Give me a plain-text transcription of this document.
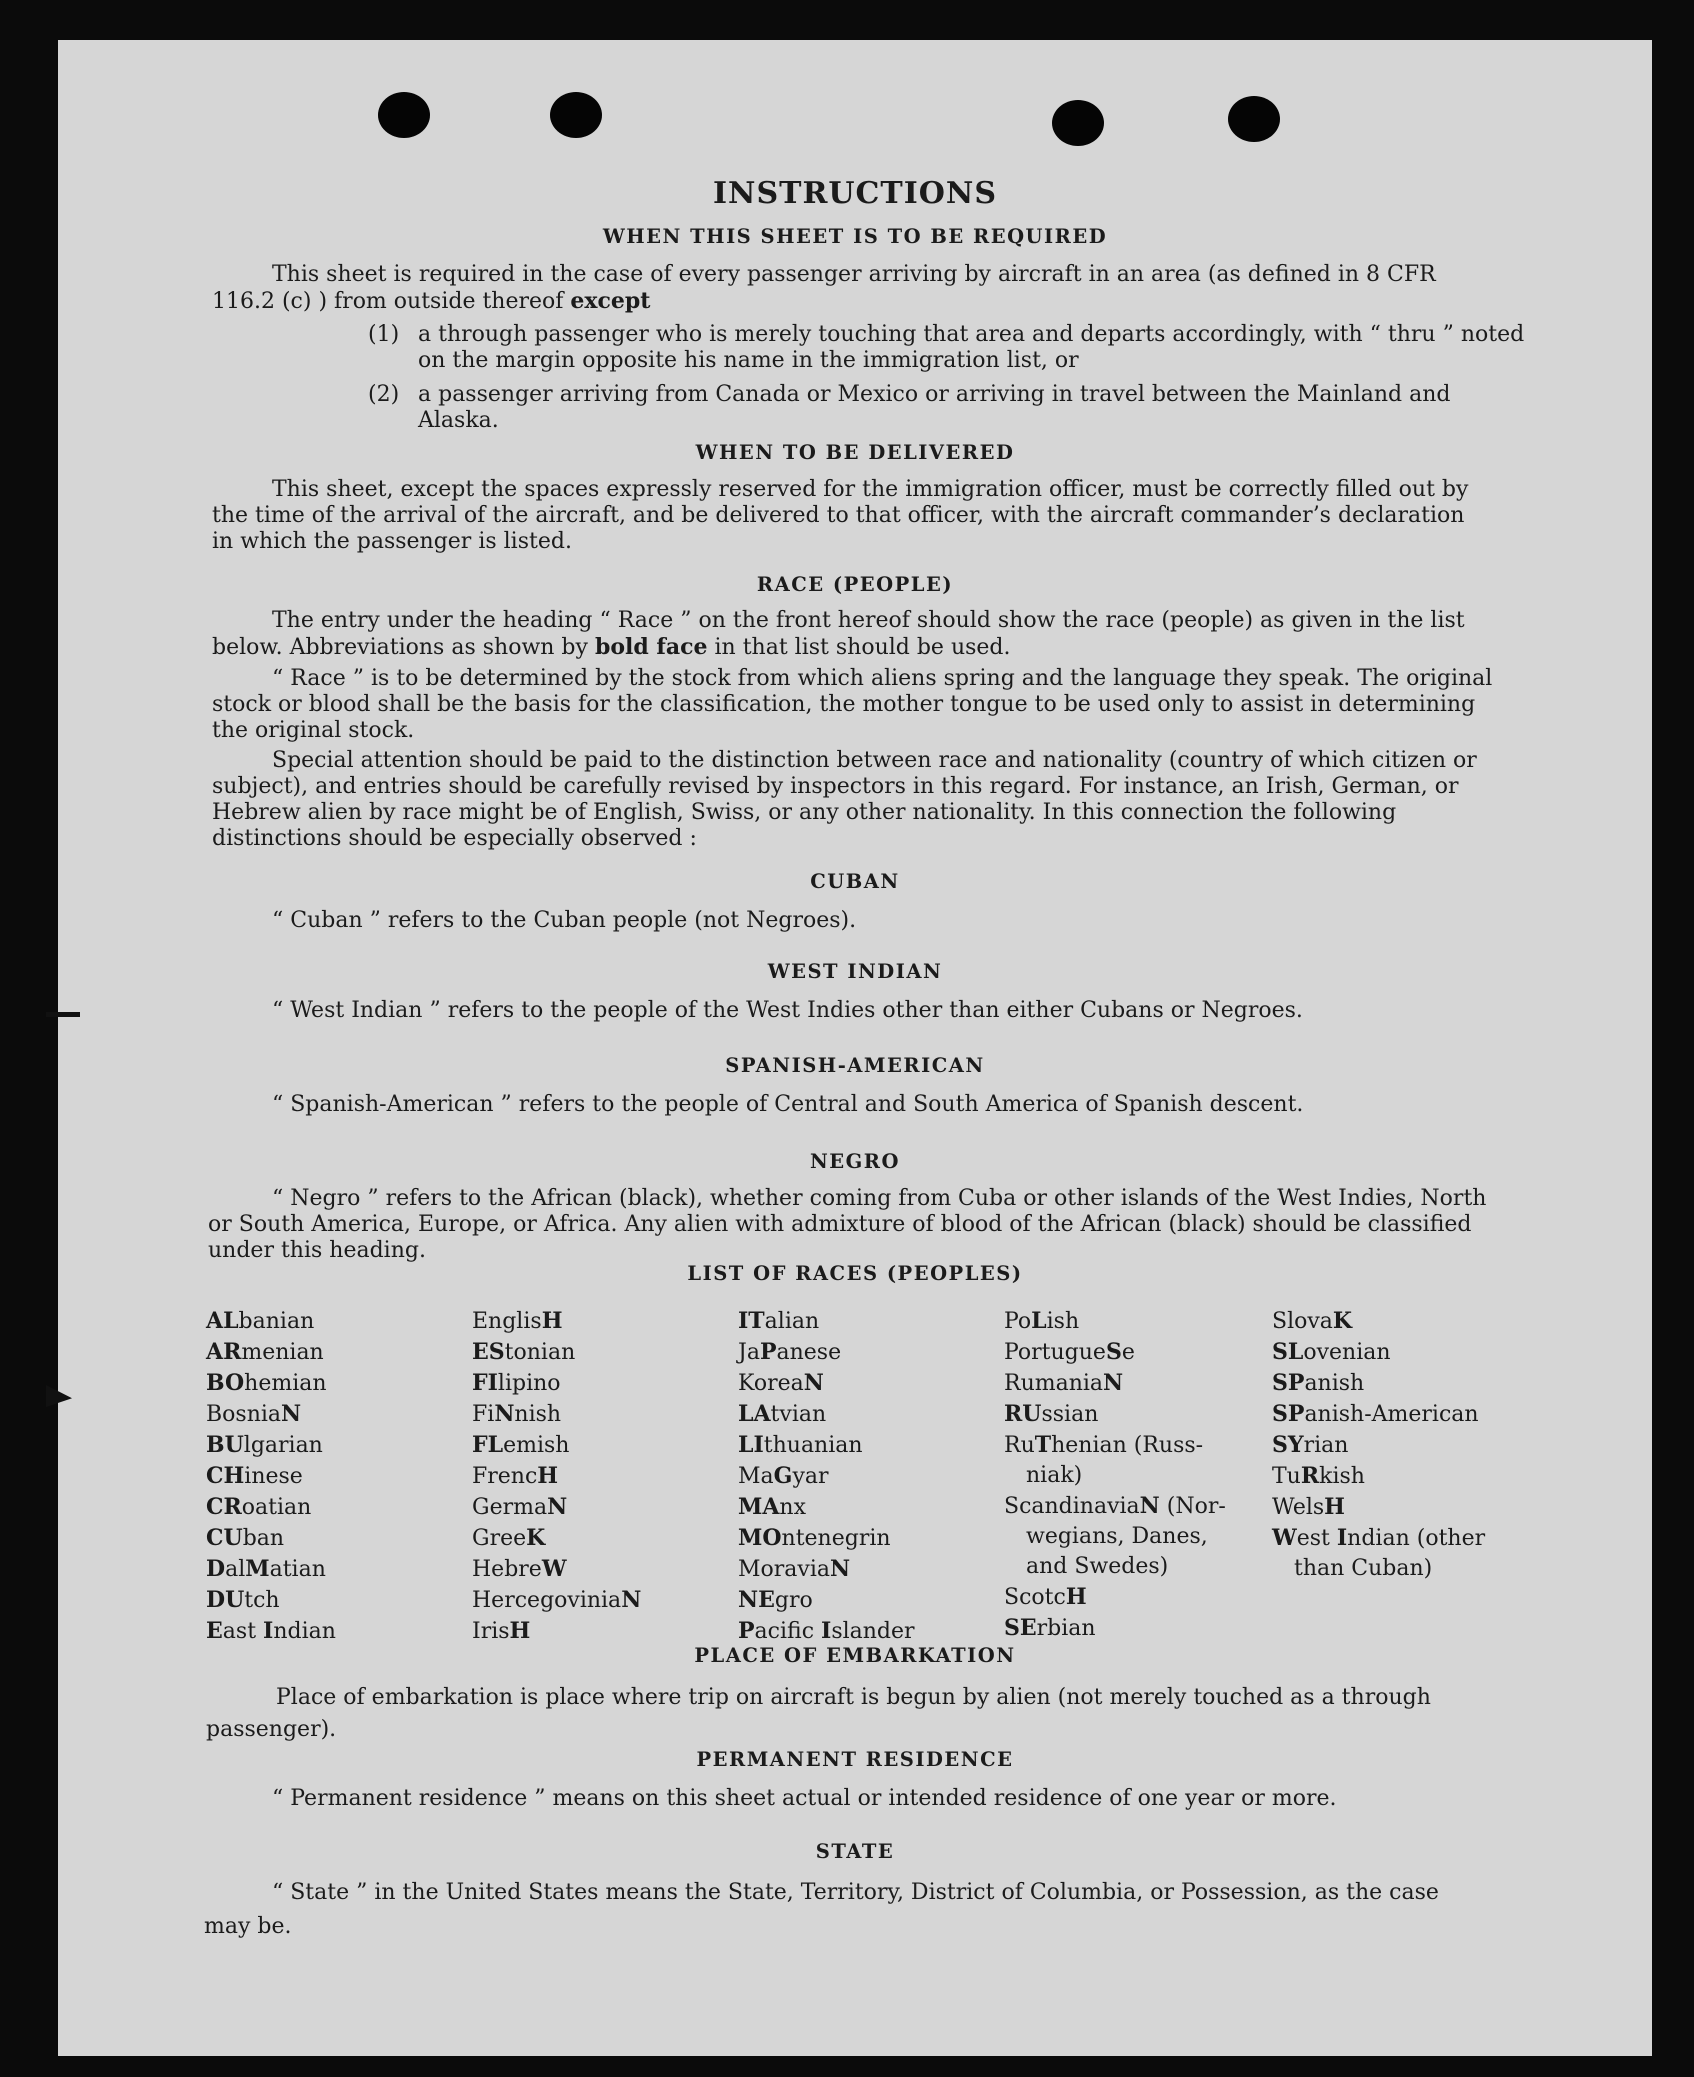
INSTRUCTIONS
WHEN THIS SHEET IS TO BE REQUIRED
This sheet is required in the case of every passenger arriving by aircraft in an area (as defined in 8 CFR
116.2 (c) ) from outside thereof except
(1) a through passenger who is merely touching that area and departs accordingly, with “ thru ” noted
on the margin opposite his name in the immigration list, or
(2) a passenger arriving from Canada or Mexico or arriving in travel between the Mainland and
Alaska.
WHEN TO BE DELIVERED
This sheet, except the spaces expressly reserved for the immigration officer, must be correctly filled out by
the time of the arrival of the aircraft, and be delivered to that officer, with the aircraft commander’s declaration
in which the passenger is listed.
RACE (PEOPLE)
The entry under the heading “ Race ” on the front hereof should show the race (people) as given in the list
below. Abbreviations as shown by bold face in that list should be used.
“ Race ” is to be determined by the stock from which aliens spring and the language they speak. The original
stock or blood shall be the basis for the classification, the mother tongue to be used only to assist in determining
the original stock.
Special attention should be paid to the distinction between race and nationality (country of which citizen or
subject), and entries should be carefully revised by inspectors in this regard. For instance, an Irish, German, or
Hebrew alien by race might be of English, Swiss, or any other nationality. In this connection the following
distinctions should be especially observed :
CUBAN
“ Cuban ” refers to the Cuban people (not Negroes).
WEST INDIAN
“ West Indian ” refers to the people of the West Indies other than either Cubans or Negroes.
SPANISH-AMERICAN
“ Spanish-American ” refers to the people of Central and South America of Spanish descent.
NEGRO
“ Negro ” refers to the African (black), whether coming from Cuba or other islands of the West Indies, North
or South America, Europe, or Africa. Any alien with admixture of blood of the African (black) should be classified
under this heading.
LIST OF RACES (PEOPLES)
ALbanian
ARmenian
BOhemian
BosniaN
BUlgarian
CHinese
CRoatian
CUban
DalMatian
DUtch
East Indian
EnglisH
EStonian
FIlipino
FiNnish
FLemish
FrencH
GermaN
GreeK
HebreW
HercegoviniaN
IrisH
ITalian
JaPanese
KoreaN
LAtvian
LIthuanian
MaGyar
MAnx
MOntenegrin
MoraviaN
NEgro
Pacific Islander
PoLish
PortugueSe
RumaniaN
RUssian
RuThenian (Russ-
niak)
ScandinaviaN (Nor-
wegians, Danes,
and Swedes)
ScotcH
SErbian
SlovaK
SLovenian
SPanish
SPanish-American
SYrian
TuRkish
WelsH
West Indian (other
than Cuban)
PLACE OF EMBARKATION
Place of embarkation is place where trip on aircraft is begun by alien (not merely touched as a through
passenger).
PERMANENT RESIDENCE
“ Permanent residence ” means on this sheet actual or intended residence of one year or more.
STATE
“ State ” in the United States means the State, Territory, District of Columbia, or Possession, as the case
may be.
